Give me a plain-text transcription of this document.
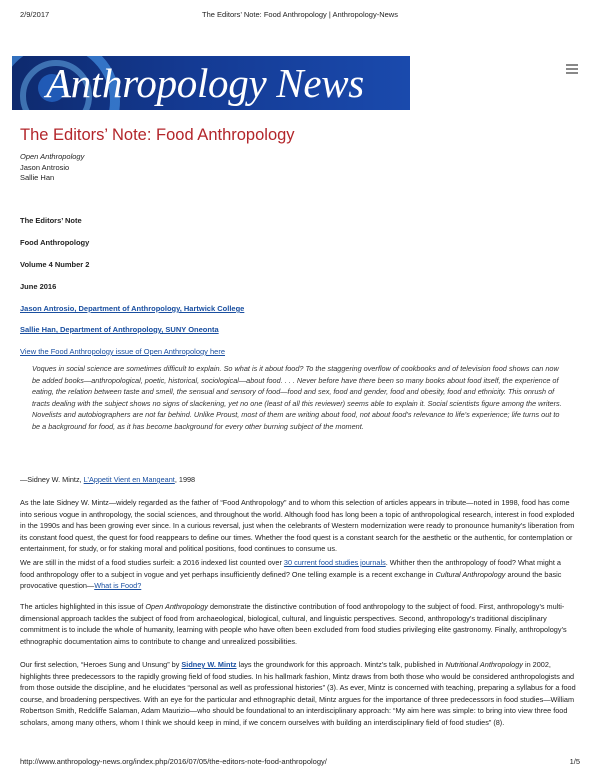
2/9/2017	The Editors’ Note: Food Anthropology | Anthropology-News
Anthropology News
The Editors’ Note: Food Anthropology
Open Anthropology
Jason Antrosio
Sallie Han
The Editors’ Note
Food Anthropology
Volume 4 Number 2
June 2016
Jason Antrosio, Department of Anthropology, Hartwick College
Sallie Han, Department of Anthropology, SUNY Oneonta
View the Food Anthropology issue of Open Anthropology here
Voques in social science are sometimes difficult to explain. So what is it about food? To the staggering overflow of cookbooks and of television food shows can now be added books—anthropological, poetic, historical, sociological—about food. . . . Never before have there been so many books about food itself, the experience of eating, the relation between taste and smell, the sensual and sensory of food—food and sex, food and gender, food and obesity, food and ethnicity. This onrush of tracts dealing with the subject shows no signs of slackening, yet no one (least of all this reviewer) seems able to explain it. Social scientists figure among the writers. Novelists and autobiographers are not far behind. Unlike Proust, most of them are writing about food, not about food’s relevance to life’s experience; life turns out to be a background for food, as it has become background for every other burning subject of the moment.
—Sidney W. Mintz, L’Appetit Vient en Mangeant, 1998
As the late Sidney W. Mintz—widely regarded as the father of “Food Anthropology” and to whom this selection of articles appears in tribute—noted in 1998, food has come into serious vogue in anthropology, the social sciences, and throughout the world. Although food has long been a topic of anthropological research, interest in food exploded in the 1990s and has been growing ever since. In a curious reversal, just when the celebrants of Western modernization were ready to pronounce humanity’s liberation from its constant food quest, the quest for food reappears to define our times. Whether the food quest is a constant search for the aesthetic or the authentic, for contemplation or entertainment, for study, or for staking moral and political positions, food continues to consume us.
We are still in the midst of a food studies surfeit: a 2016 indexed list counted over 30 current food studies journals. Whither then the anthropology of food? What might a food anthropology offer to a subject in vogue and yet perhaps insufficiently defined? One telling example is a recent exchange in Cultural Anthropology around the basic provocative question—What is Food?
The articles highlighted in this issue of Open Anthropology demonstrate the distinctive contribution of food anthropology to the subject of food. First, anthropology’s multi-dimensional approach tackles the subject of food from archaeological, biological, cultural, and linguistic perspectives. Second, anthropology’s traditional disciplinary commitment is to include the whole of humanity, learning with people who have often been excluded from food studies privileging elite gastronomy. Finally, anthropology’s ethnographic documentation aims to contribute to change and unrealized possibilities.
Our first selection, “Heroes Sung and Unsung” by Sidney W. Mintz lays the groundwork for this approach. Mintz’s talk, published in Nutritional Anthropology in 2002, highlights three predecessors to the rapidly growing field of food studies. In his hallmark fashion, Mintz draws from both those who would be considered anthropologists and from those outside the discipline, and he elucidates “personal as well as professional histories” (3). As ever, Mintz is concerned with teaching, preparing a syllabus for a food course, and broadening perspectives. With an eye for the particular and ethnographic detail, Mintz argues for the importance of three predecessors in food studies—William Robertson Smith, Redcliffe Salaman, Adam Maurizio—who should be foundational to an interdisciplinary approach: “My aim here was simple: to bring into view three food scholars, among many others, whom I think we should keep in mind, if we concern ourselves with building an interdisciplinary field of food studies” (8).
http://www.anthropology-news.org/index.php/2016/07/05/the-editors-note-food-anthropology/	1/5
